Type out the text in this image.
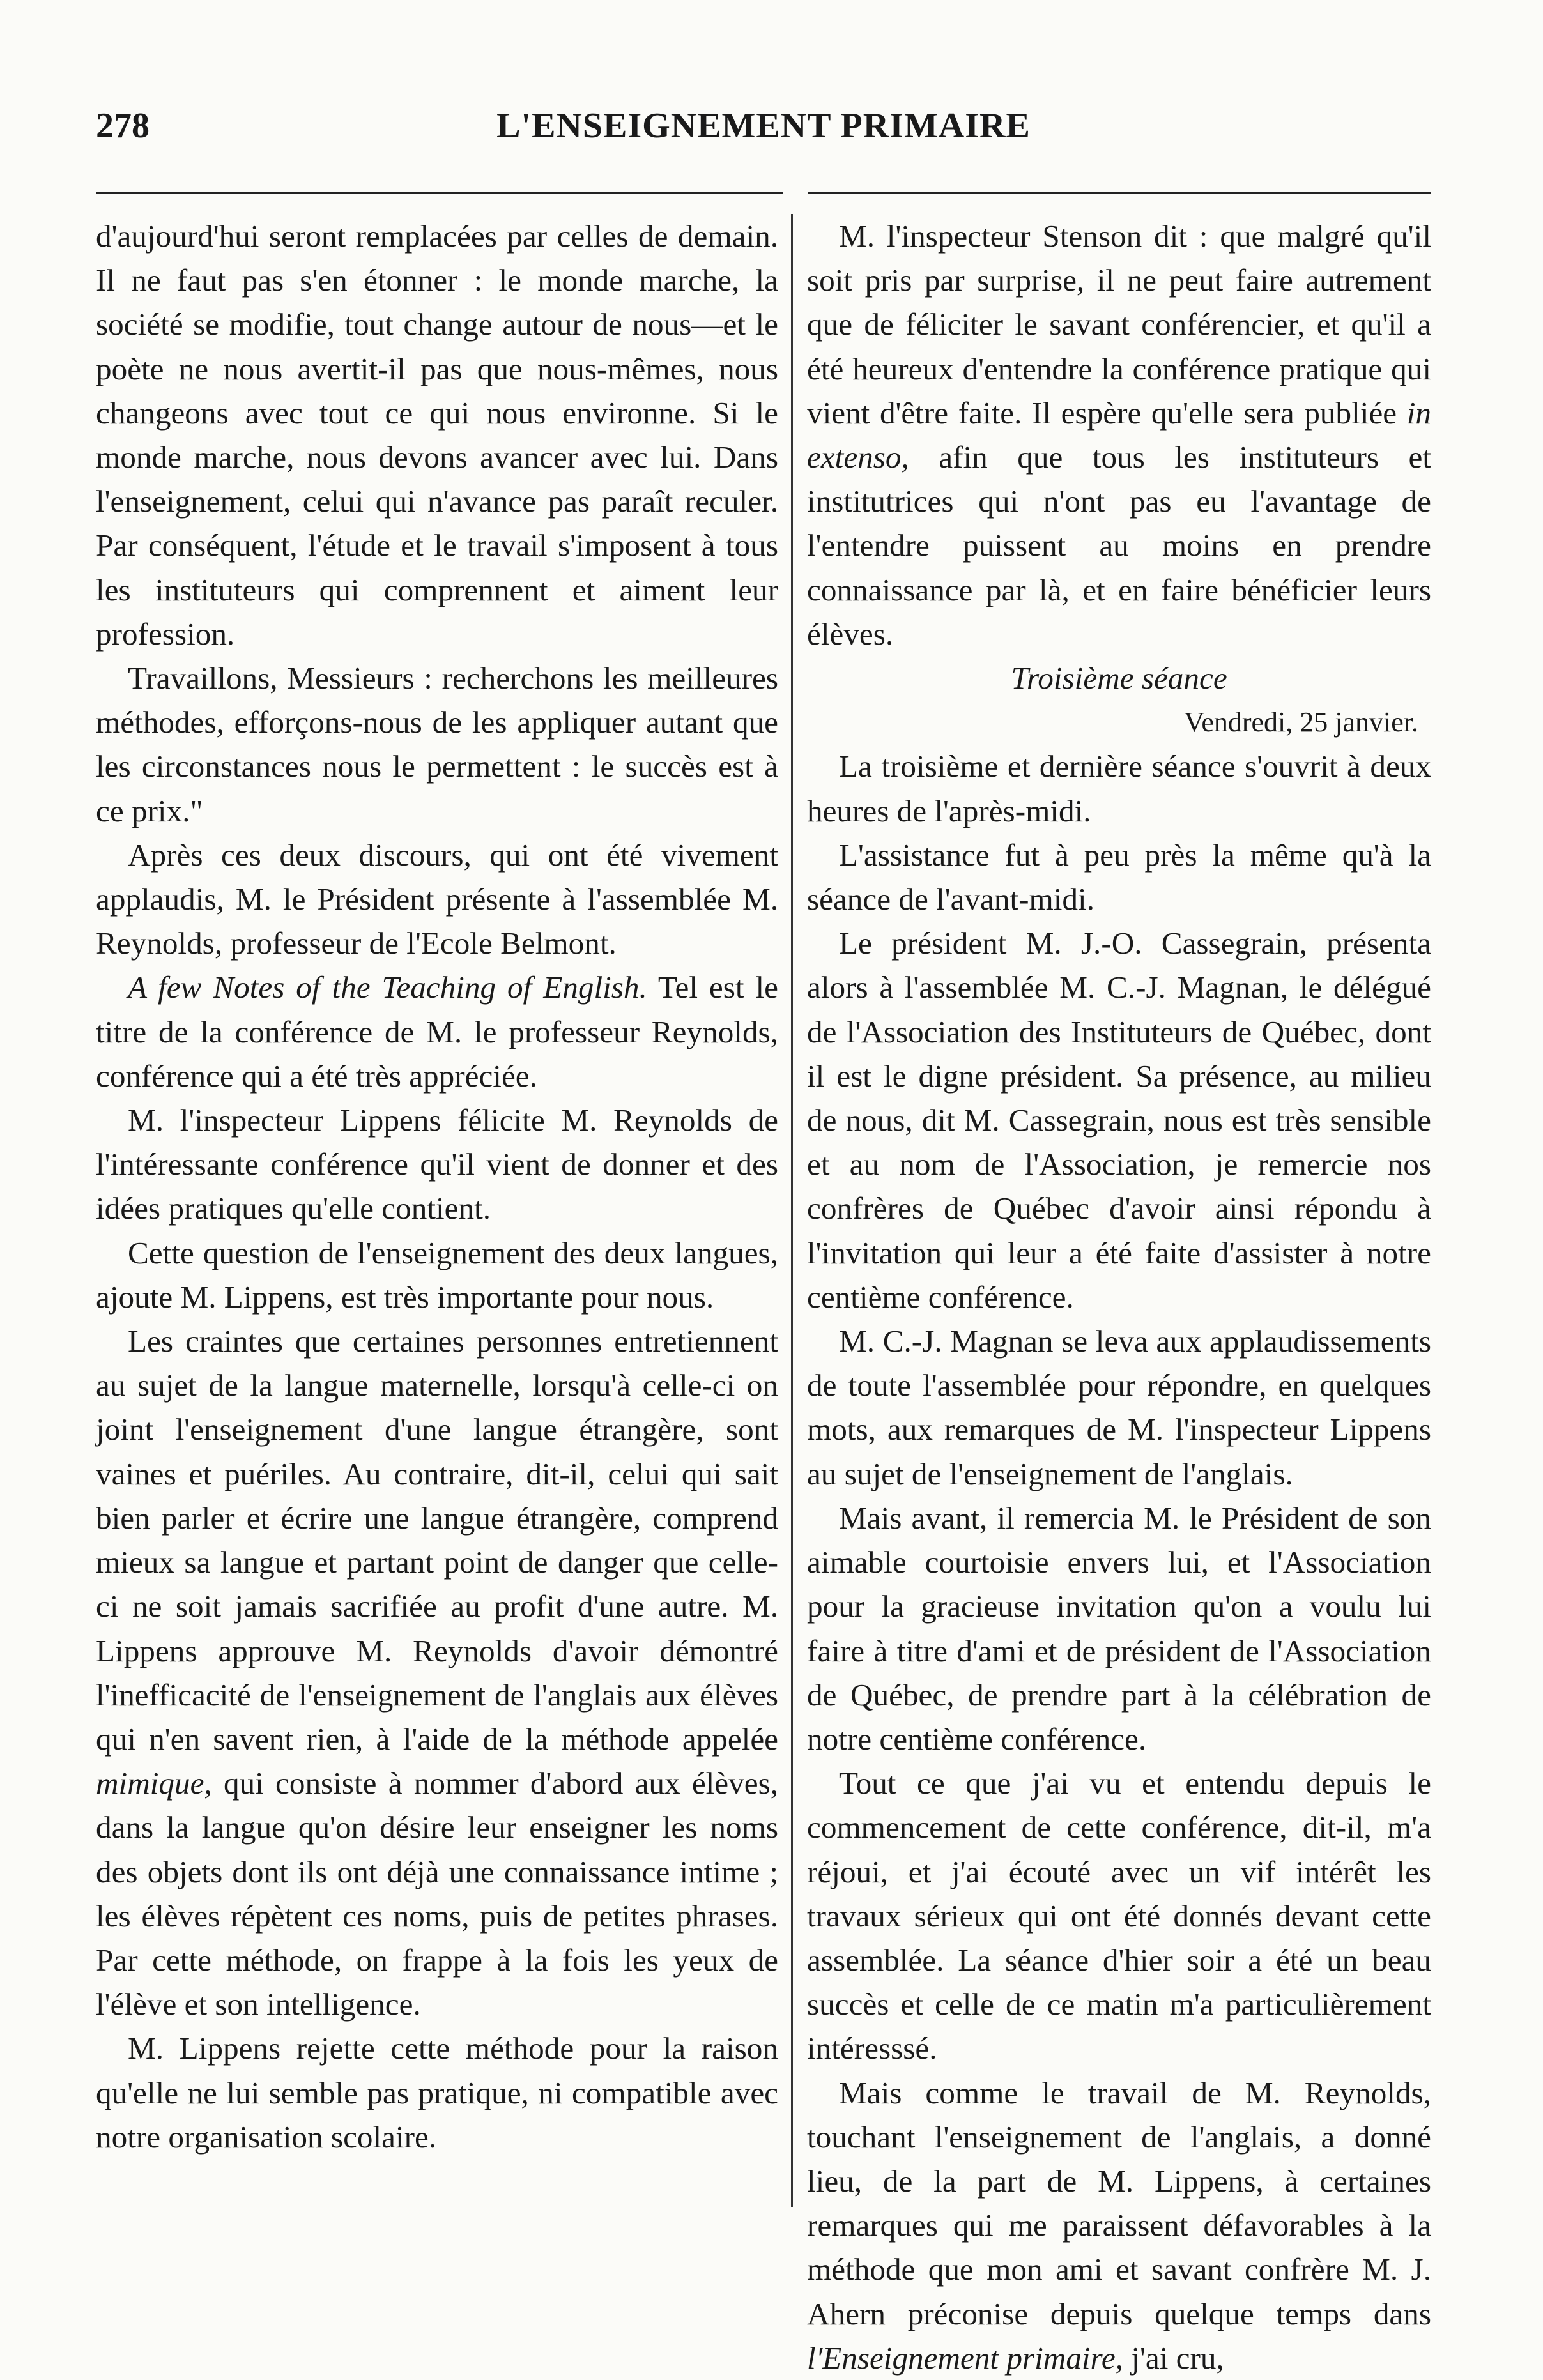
278	L'ENSEIGNEMENT PRIMAIRE

d'aujourd'hui seront remplacées par celles de demain. Il ne faut pas s'en étonner : le monde marche, la société se modifie, tout change autour de nous—et le poète ne nous avertit-il pas que nous-mêmes, nous changeons avec tout ce qui nous environne. Si le monde marche, nous devons avancer avec lui. Dans l'enseignement, celui qui n'avance pas paraît reculer. Par conséquent, l'étude et le travail s'imposent à tous les instituteurs qui comprennent et aiment leur profession.

Travaillons, Messieurs : recherchons les meilleures méthodes, efforçons-nous de les appliquer autant que les circonstances nous le permettent : le succès est à ce prix."

Après ces deux discours, qui ont été vivement applaudis, M. le Président présente à l'assemblée M. Reynolds, professeur de l'Ecole Belmont.

A few Notes of the Teaching of English. Tel est le titre de la conférence de M. le professeur Reynolds, conférence qui a été très appréciée.

M. l'inspecteur Lippens félicite M. Reynolds de l'intéressante conférence qu'il vient de donner et des idées pratiques qu'elle contient.

Cette question de l'enseignement des deux langues, ajoute M. Lippens, est très importante pour nous.

Les craintes que certaines personnes entretiennent au sujet de la langue maternelle, lorsqu'à celle-ci on joint l'enseignement d'une langue étrangère, sont vaines et puériles. Au contraire, dit-il, celui qui sait bien parler et écrire une langue étrangère, comprend mieux sa langue et partant point de danger que celle-ci ne soit jamais sacrifiée au profit d'une autre. M. Lippens approuve M. Reynolds d'avoir démontré l'inefficacité de l'enseignement de l'anglais aux élèves qui n'en savent rien, à l'aide de la méthode appelée mimique, qui consiste à nommer d'abord aux élèves, dans la langue qu'on désire leur enseigner les noms des objets dont ils ont déjà une connaissance intime ; les élèves répètent ces noms, puis de petites phrases. Par cette méthode, on frappe à la fois les yeux de l'élève et son intelligence.

M. Lippens rejette cette méthode pour la raison qu'elle ne lui semble pas pratique, ni compatible avec notre organisation scolaire.

M. l'inspecteur Stenson dit : que malgré qu'il soit pris par surprise, il ne peut faire autrement que de féliciter le savant conférencier, et qu'il a été heureux d'entendre la conférence pratique qui vient d'être faite. Il espère qu'elle sera publiée in extenso, afin que tous les instituteurs et institutrices qui n'ont pas eu l'avantage de l'entendre puissent au moins en prendre connaissance par là, et en faire bénéficier leurs élèves.

Troisième séance

Vendredi, 25 janvier.

La troisième et dernière séance s'ouvrit à deux heures de l'après-midi.

L'assistance fut à peu près la même qu'à la séance de l'avant-midi.

Le président M. J.-O. Cassegrain, présenta alors à l'assemblée M. C.-J. Magnan, le délégué de l'Association des Instituteurs de Québec, dont il est le digne président. Sa présence, au milieu de nous, dit M. Cassegrain, nous est très sensible et au nom de l'Association, je remercie nos confrères de Québec d'avoir ainsi répondu à l'invitation qui leur a été faite d'assister à notre centième conférence.

M. C.-J. Magnan se leva aux applaudissements de toute l'assemblée pour répondre, en quelques mots, aux remarques de M. l'inspecteur Lippens au sujet de l'enseignement de l'anglais.

Mais avant, il remercia M. le Président de son aimable courtoisie envers lui, et l'Association pour la gracieuse invitation qu'on a voulu lui faire à titre d'ami et de président de l'Association de Québec, de prendre part à la célébration de notre centième conférence.

Tout ce que j'ai vu et entendu depuis le commencement de cette conférence, dit-il, m'a réjoui, et j'ai écouté avec un vif intérêt les travaux sérieux qui ont été donnés devant cette assemblée. La séance d'hier soir a été un beau succès et celle de ce matin m'a particulièrement intéresssé.

Mais comme le travail de M. Reynolds, touchant l'enseignement de l'anglais, a donné lieu, de la part de M. Lippens, à certaines remarques qui me paraissent défavorables à la méthode que mon ami et savant confrère M. J. Ahern préconise depuis quelque temps dans l'Enseignement primaire, j'ai cru,
